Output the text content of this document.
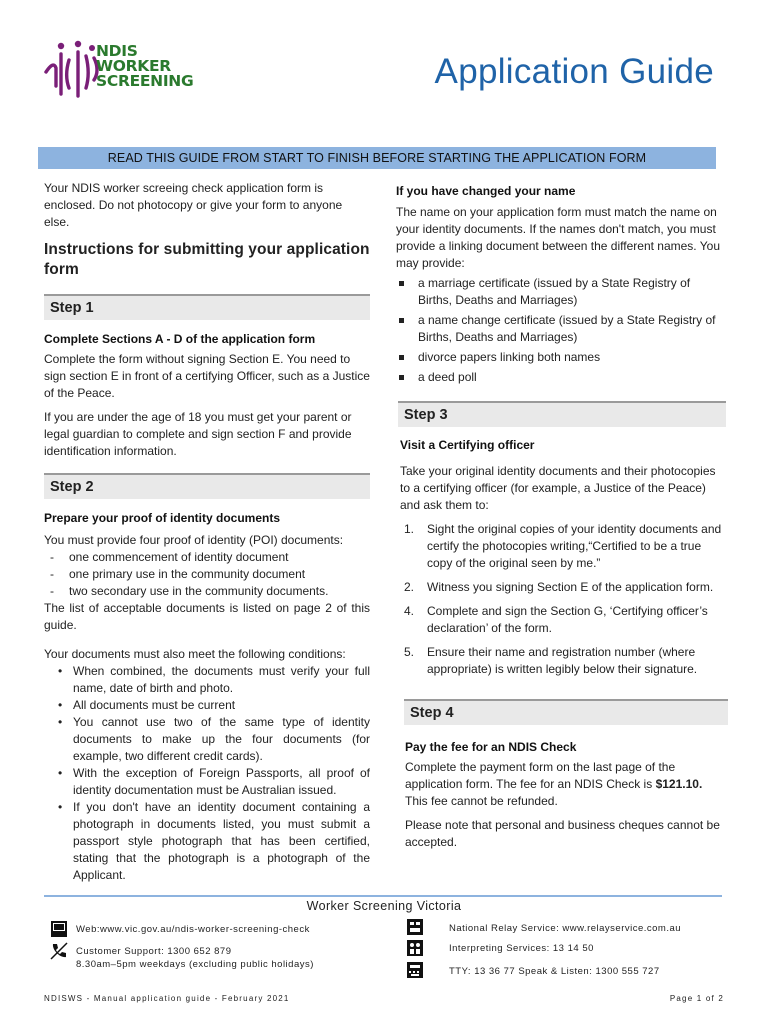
NDIS
WORKER
SCREENING	Application Guide
READ THIS GUIDE FROM START TO FINISH BEFORE STARTING THE APPLICATION FORM

Your NDIS worker screeing check application form is enclosed. Do not photocopy or give your form to anyone else.

Instructions for submitting your application form
Step 1
Complete Sections A - D of the application form

Complete the form without signing Section E. You need to sign section E in front of a certifying Officer, such as a Justice of the Peace.

If you are under the age of 18 you must get your parent or legal guardian to complete and sign section F and provide identification information.

Step 2
Prepare your proof of identity documents
You must provide four proof of identity (POI) documents:
- one commencement of identity document
- one primary use in the community document
- two secondary use in the community documents.

The list of acceptable documents is listed on page 2 of this guide.

Your documents must also meet the following conditions:
• When combined, the documents must verify your full name, date of birth and photo.
• All documents must be current
• You cannot use two of the same type of identity documents to make up the four documents (for example, two different credit cards).
• With the exception of Foreign Passports, all proof of identity documentation must be Australian issued.
• If you don't have an identity document containing a photograph in documents listed, you must submit a passport style photograph that has been certified, stating that the photograph is a photograph of the Applicant.
If you have changed your name

The name on your application form must match the name on your identity documents. If the names don't match, you must provide a linking document between the different names. You may provide:

a marriage certificate (issued by a State Registry of Births, Deaths and Marriages)
a name change certificate (issued by a State Registry of Births, Deaths and Marriages)
divorce papers linking both names
a deed poll
Step 3
Visit a Certifying officer

Take your original identity documents and their photocopies to a certifying officer (for example, a Justice of the Peace) and ask them to:

1. Sight the original copies of your identity documents and certify the photocopies writing,“Certified to be a true copy of the original seen by me.”
2. Witness you signing Section E of the application form.
4. Complete and sign the Section G, ‘Certifying officer’s declaration’ of the form.
5. Ensure their name and registration number (where appropriate) is written legibly below their signature.
Step 4
Pay the fee for an NDIS Check

Complete the payment form on the last page of the application form. The fee for an NDIS Check is $121.10. This fee cannot be refunded.

Please note that personal and business cheques cannot be accepted.

Worker Screening Victoria
Web:www.vic.gov.au/ndis-worker-screening-check
Customer Support: 1300 652 879
8.30am–5pm weekdays (excluding public holidays)
National Relay Service: www.relayservice.com.au
Interpreting Services: 13 14 50
TTY: 13 36 77 Speak & Listen: 1300 555 727
NDISWS - Manual application guide - February 2021	Page 1 of 2
